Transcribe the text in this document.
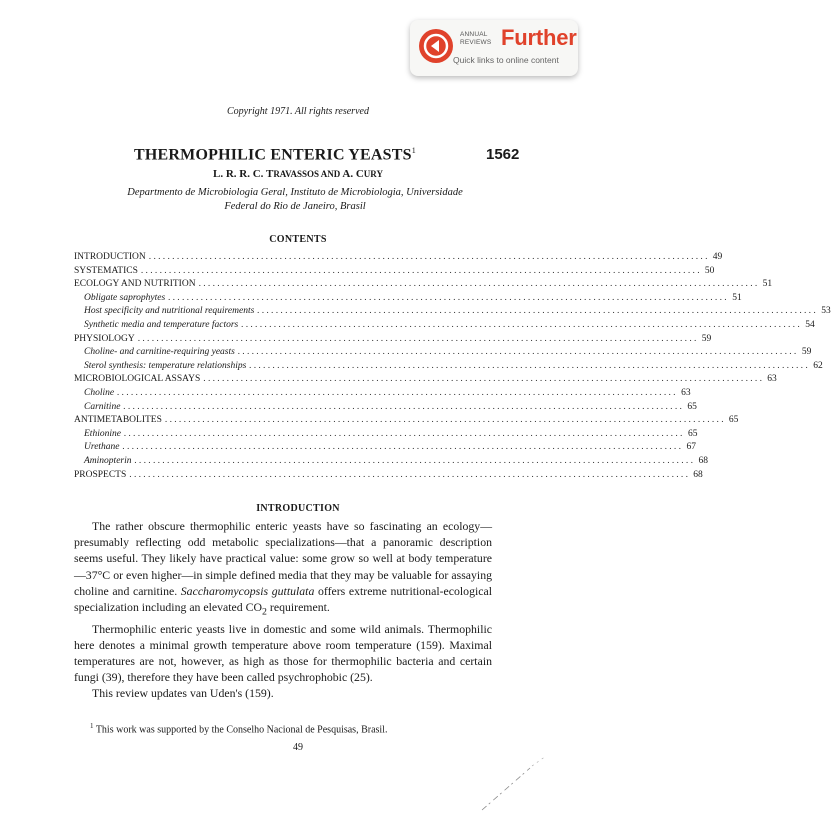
ANNUAL
REVIEWS Further
Quick links to online content
Copyright 1971. All rights reserved
THERMOPHILIC ENTERIC YEASTS$^1$	1562
L. R. R. C. TRAVASSOS AND A. CURY
Departmento de Microbiologia Geral, Instituto de Microbiologia, Universidade
Federal do Rio de Janeiro, Brasil
CONTENTS
INTRODUCTION ........................................................................................................................ 49
SYSTEMATICS ........................................................................................................................ 50
ECOLOGY AND NUTRITION ........................................................................................................................ 51
Obligate saprophytes ........................................................................................................................ 51
Host specificity and nutritional requirements ........................................................................................................................ 53
Synthetic media and temperature factors ........................................................................................................................ 54
PHYSIOLOGY ........................................................................................................................ 59
Choline- and carnitine-requiring yeasts ........................................................................................................................ 59
Sterol synthesis: temperature relationships ........................................................................................................................ 62
MICROBIOLOGICAL ASSAYS ........................................................................................................................ 63
Choline ........................................................................................................................ 63
Carnitine ........................................................................................................................ 65
ANTIMETABOLITES ........................................................................................................................ 65
Ethionine ........................................................................................................................ 65
Urethane ........................................................................................................................ 67
Aminopterin ........................................................................................................................ 68
PROSPECTS ........................................................................................................................ 68
INTRODUCTION

The rather obscure thermophilic enteric yeasts have so fascinating an ecology—presumably reflecting odd metabolic specializations—that a panoramic description seems useful. They likely have practical value: some grow so well at body temperature—37°C or even higher—in simple defined media that they may be valuable for assaying choline and carnitine. Saccharomycopsis guttulata offers extreme nutritional-ecological specialization including an elevated $CO_2$ requirement.

Thermophilic enteric yeasts live in domestic and some wild animals. Thermophilic here denotes a minimal growth temperature above room temperature (159). Maximal temperatures are not, however, as high as those for thermophilic bacteria and certain fungi (39), therefore they have been called psychrophobic (25).

This review updates van Uden's (159).

$^1$ This work was supported by the Conselho Nacional de Pesquisas, Brasil.
49
